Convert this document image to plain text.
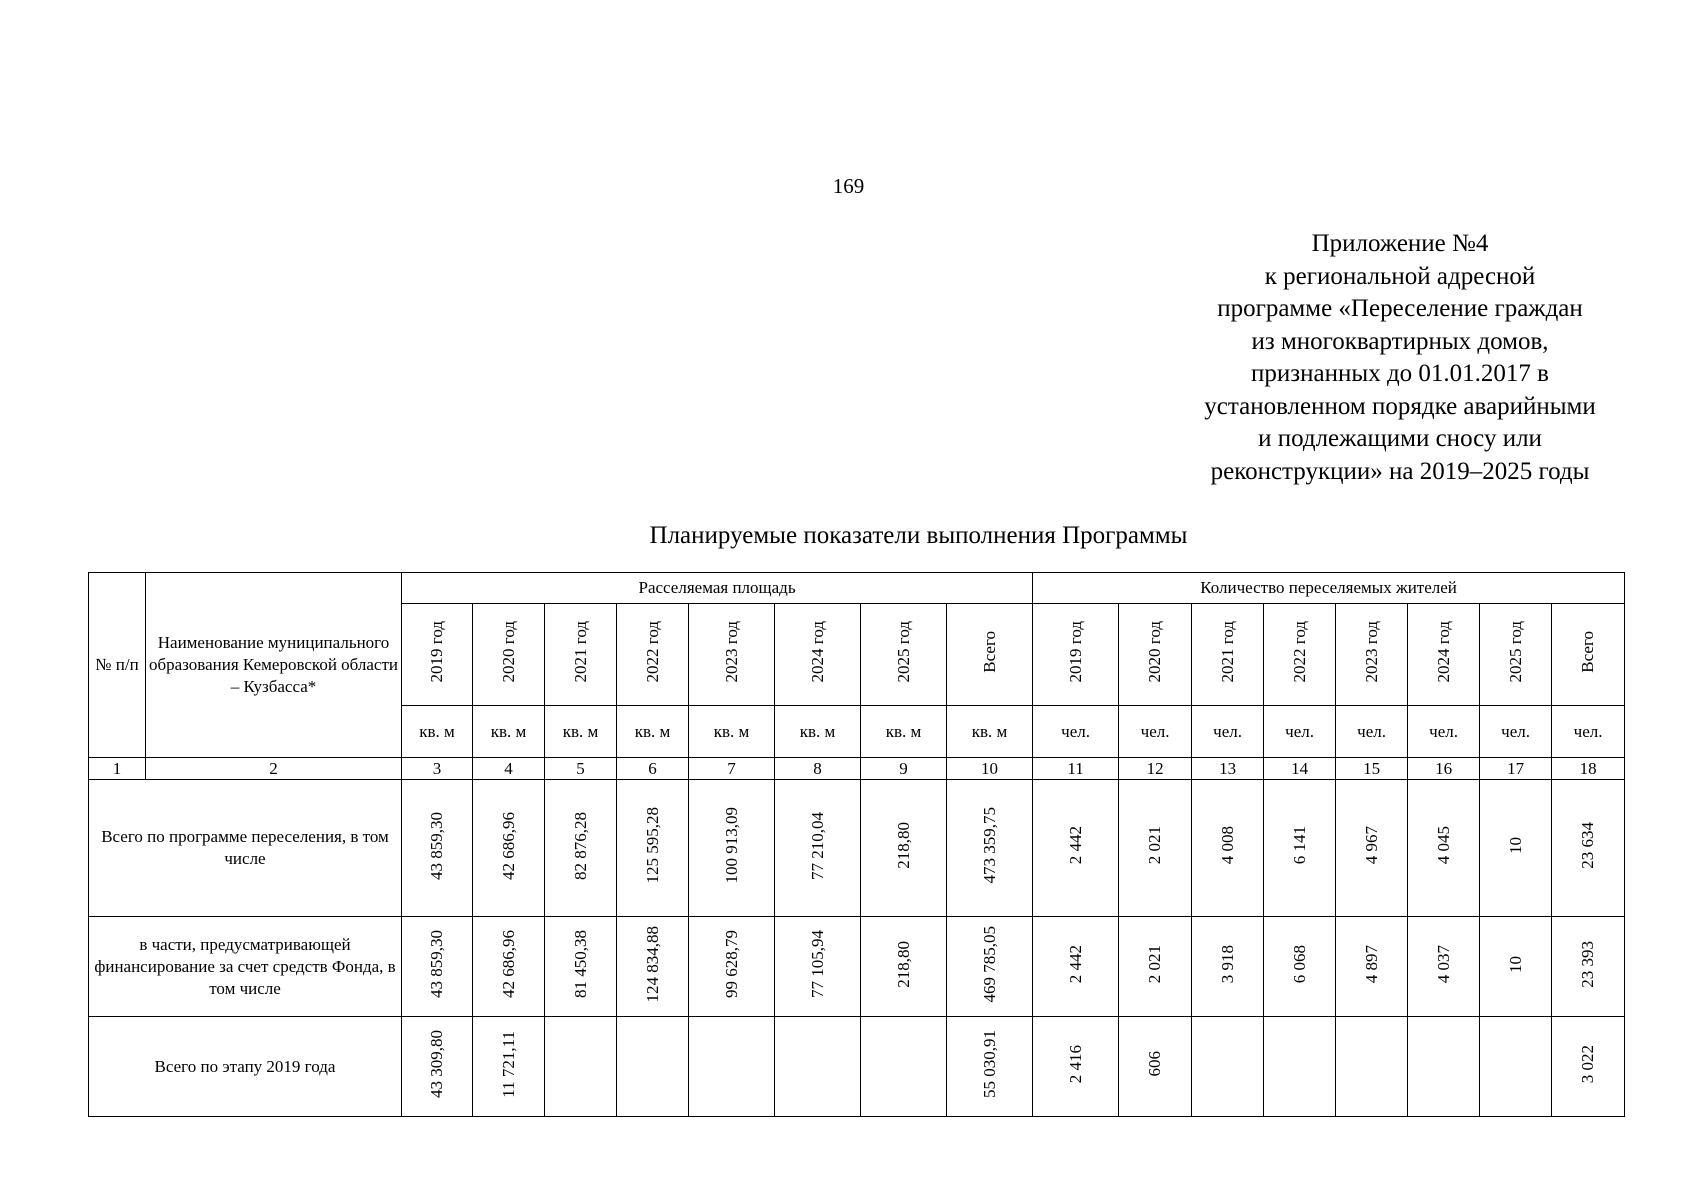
169
Приложение №4
к региональной адресной
программе «Переселение граждан
из многоквартирных домов,
признанных до 01.01.2017 в
установленном порядке аварийными
и подлежащими сносу или
реконструкции» на 2019–2025 годы
Планируемые показатели выполнения Программы
№ п/п	Наименование муниципального образования Кемеровской области – Кузбасса*	Расселяемая площадь								Количество переселяемых жителей							
		2019 год	2020 год	2021 год	2022 год	2023 год	2024 год	2025 год	Всего	2019 год	2020 год	2021 год	2022 год	2023 год	2024 год	2025 год	Всего
		кв. м	кв. м	кв. м	кв. м	кв. м	кв. м	кв. м	кв. м	чел.	чел.	чел.	чел.	чел.	чел.	чел.	чел.
1	2	3	4	5	6	7	8	9	10	11	12	13	14	15	16	17	18
Всего по программе переселения, в том числе		43 859,30	42 686,96	82 876,28	125 595,28	100 913,09	77 210,04	218,80	473 359,75	2 442	2 021	4 008	6 141	4 967	4 045	10	23 634
в части, предусматривающей финансирование за счет средств Фонда, в том числе		43 859,30	42 686,96	81 450,38	124 834,88	99 628,79	77 105,94	218,80	469 785,05	2 442	2 021	3 918	6 068	4 897	4 037	10	23 393
Всего по этапу 2019 года		43 309,80	11 721,11						55 030,91	2 416	606						3 022
